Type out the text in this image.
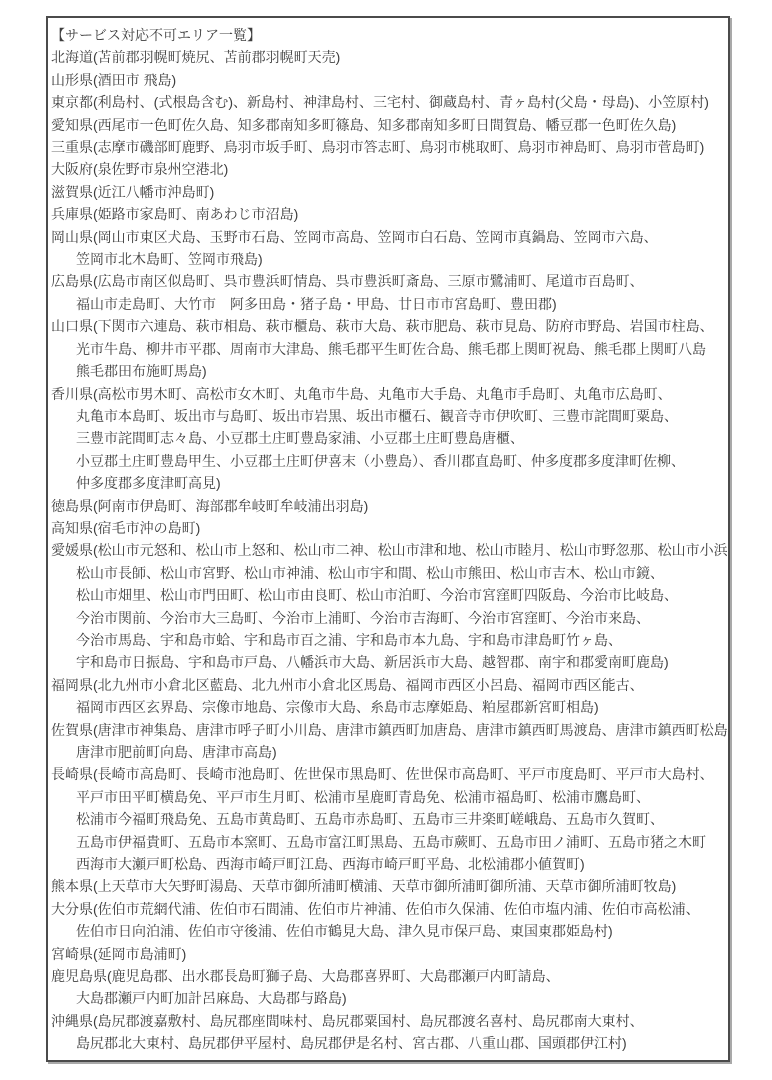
【サービス対応不可エリア一覧】
北海道(苫前郡羽幌町焼尻、苫前郡羽幌町天売)
山形県(酒田市 飛島)
東京都(利島村、(式根島含む)、新島村、神津島村、三宅村、御蔵島村、青ヶ島村(父島・母島)、小笠原村)
愛知県(西尾市一色町佐久島、知多郡南知多町篠島、知多郡南知多町日間賀島、幡豆郡一色町佐久島)
三重県(志摩市磯部町鹿野、鳥羽市坂手町、鳥羽市答志町、鳥羽市桃取町、鳥羽市神島町、鳥羽市菅島町)
大阪府(泉佐野市泉州空港北)
滋賀県(近江八幡市沖島町)
兵庫県(姫路市家島町、南あわじ市沼島)
岡山県(岡山市東区犬島、玉野市石島、笠岡市高島、笠岡市白石島、笠岡市真鍋島、笠岡市六島、
笠岡市北木島町、笠岡市飛島)
広島県(広島市南区似島町、呉市豊浜町情島、呉市豊浜町斎島、三原市鷺浦町、尾道市百島町、
福山市走島町、大竹市　阿多田島・猪子島・甲島、廿日市市宮島町、豊田郡)
山口県(下関市六連島、萩市相島、萩市櫃島、萩市大島、萩市肥島、萩市見島、防府市野島、岩国市柱島、
光市牛島、柳井市平郡、周南市大津島、熊毛郡平生町佐合島、熊毛郡上関町祝島、熊毛郡上関町八島
熊毛郡田布施町馬島)
香川県(高松市男木町、高松市女木町、丸亀市牛島、丸亀市大手島、丸亀市手島町、丸亀市広島町、
丸亀市本島町、坂出市与島町、坂出市岩黒、坂出市櫃石、観音寺市伊吹町、三豊市詫間町粟島、
三豊市詫間町志々島、小豆郡土庄町豊島家浦、小豆郡土庄町豊島唐櫃、
小豆郡土庄町豊島甲生、小豆郡土庄町伊喜末（小豊島）、香川郡直島町、仲多度郡多度津町佐柳、
仲多度郡多度津町高見)
徳島県(阿南市伊島町、海部郡牟岐町牟岐浦出羽島)
高知県(宿毛市沖の島町)
愛媛県(松山市元怒和、松山市上怒和、松山市二神、松山市津和地、松山市睦月、松山市野忽那、松山市小浜
松山市長師、松山市宮野、松山市神浦、松山市宇和間、松山市熊田、松山市吉木、松山市鏡、
松山市畑里、松山市門田町、松山市由良町、松山市泊町、今治市宮窪町四阪島、今治市比岐島、
今治市関前、今治市大三島町、今治市上浦町、今治市吉海町、今治市宮窪町、今治市来島、
今治市馬島、宇和島市蛤、宇和島市百之浦、宇和島市本九島、宇和島市津島町竹ヶ島、
宇和島市日振島、宇和島市戸島、八幡浜市大島、新居浜市大島、越智郡、南宇和郡愛南町鹿島)
福岡県(北九州市小倉北区藍島、北九州市小倉北区馬島、福岡市西区小呂島、福岡市西区能古、
福岡市西区玄界島、宗像市地島、宗像市大島、糸島市志摩姫島、粕屋郡新宮町相島)
佐賀県(唐津市神集島、唐津市呼子町小川島、唐津市鎮西町加唐島、唐津市鎮西町馬渡島、唐津市鎮西町松島
唐津市肥前町向島、唐津市高島)
長崎県(長崎市高島町、長崎市池島町、佐世保市黒島町、佐世保市高島町、平戸市度島町、平戸市大島村、
平戸市田平町横島免、平戸市生月町、松浦市星鹿町青島免、松浦市福島町、松浦市鷹島町、
松浦市今福町飛島免、五島市黄島町、五島市赤島町、五島市三井楽町嵯峨島、五島市久賀町、
五島市伊福貴町、五島市本窯町、五島市富江町黒島、五島市蕨町、五島市田ノ浦町、五島市猪之木町
西海市大瀬戸町松島、西海市崎戸町江島、西海市崎戸町平島、北松浦郡小値賀町)
熊本県(上天草市大矢野町湯島、天草市御所浦町横浦、天草市御所浦町御所浦、天草市御所浦町牧島)
大分県(佐伯市荒網代浦、佐伯市石間浦、佐伯市片神浦、佐伯市久保浦、佐伯市塩内浦、佐伯市高松浦、
佐伯市日向泊浦、佐伯市守後浦、佐伯市鶴見大島、津久見市保戸島、東国東郡姫島村)
宮崎県(延岡市島浦町)
鹿児島県(鹿児島郡、出水郡長島町獅子島、大島郡喜界町、大島郡瀬戸内町請島、
大島郡瀬戸内町加計呂麻島、大島郡与路島)
沖縄県(島尻郡渡嘉敷村、島尻郡座間味村、島尻郡粟国村、島尻郡渡名喜村、島尻郡南大東村、
島尻郡北大東村、島尻郡伊平屋村、島尻郡伊是名村、宮古郡、八重山郡、国頭郡伊江村)
